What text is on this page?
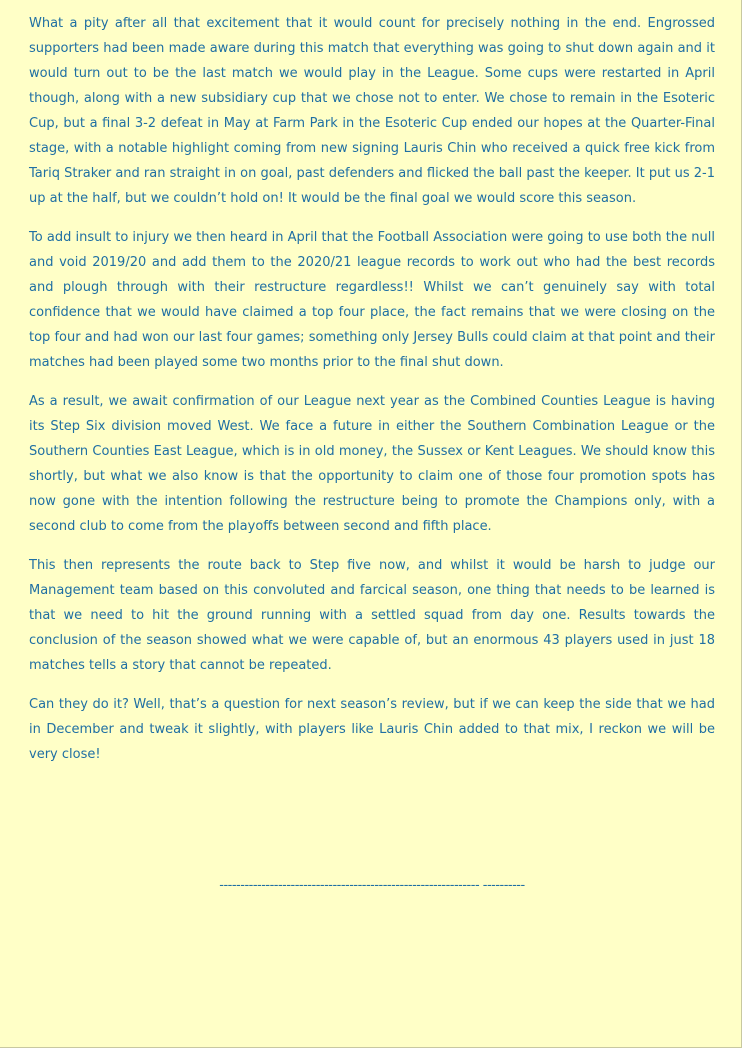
What a pity after all that excitement that it would count for precisely nothing in the end. Engrossed supporters had been made aware during this match that everything was going to shut down again and it would turn out to be the last match we would play in the League. Some cups were restarted in April though, along with a new subsidiary cup that we chose not to enter. We chose to remain in the Esoteric Cup, but a final 3-2 defeat in May at Farm Park in the Esoteric Cup ended our hopes at the Quarter-Final stage, with a notable highlight coming from new signing Lauris Chin who received a quick free kick from Tariq Straker and ran straight in on goal, past defenders and flicked the ball past the keeper. It put us 2-1 up at the half, but we couldn’t hold on! It would be the final goal we would score this season.

To add insult to injury we then heard in April that the Football Association were going to use both the null and void 2019/20 and add them to the 2020/21 league records to work out who had the best records and plough through with their restructure regardless!! Whilst we can’t genuinely say with total confidence that we would have claimed a top four place, the fact remains that we were closing on the top four and had won our last four games; something only Jersey Bulls could claim at that point and their matches had been played some two months prior to the final shut down.

As a result, we await confirmation of our League next year as the Combined Counties League is having its Step Six division moved West. We face a future in either the Southern Combination League or the Southern Counties East League, which is in old money, the Sussex or Kent Leagues. We should know this shortly, but what we also know is that the opportunity to claim one of those four promotion spots has now gone with the intention following the restructure being to promote the Champions only, with a second club to come from the playoffs between second and fifth place.

This then represents the route back to Step five now, and whilst it would be harsh to judge our Management team based on this convoluted and farcical season, one thing that needs to be learned is that we need to hit the ground running with a settled squad from day one. Results towards the conclusion of the season showed what we were capable of, but an enormous 43 players used in just 18 matches tells a story that cannot be repeated.

Can they do it? Well, that’s a question for next season’s review, but if we can keep the side that we had in December and tweak it slightly, with players like Lauris Chin added to that mix, I reckon we will be very close!

-------------------------------------------------------------- ----------
